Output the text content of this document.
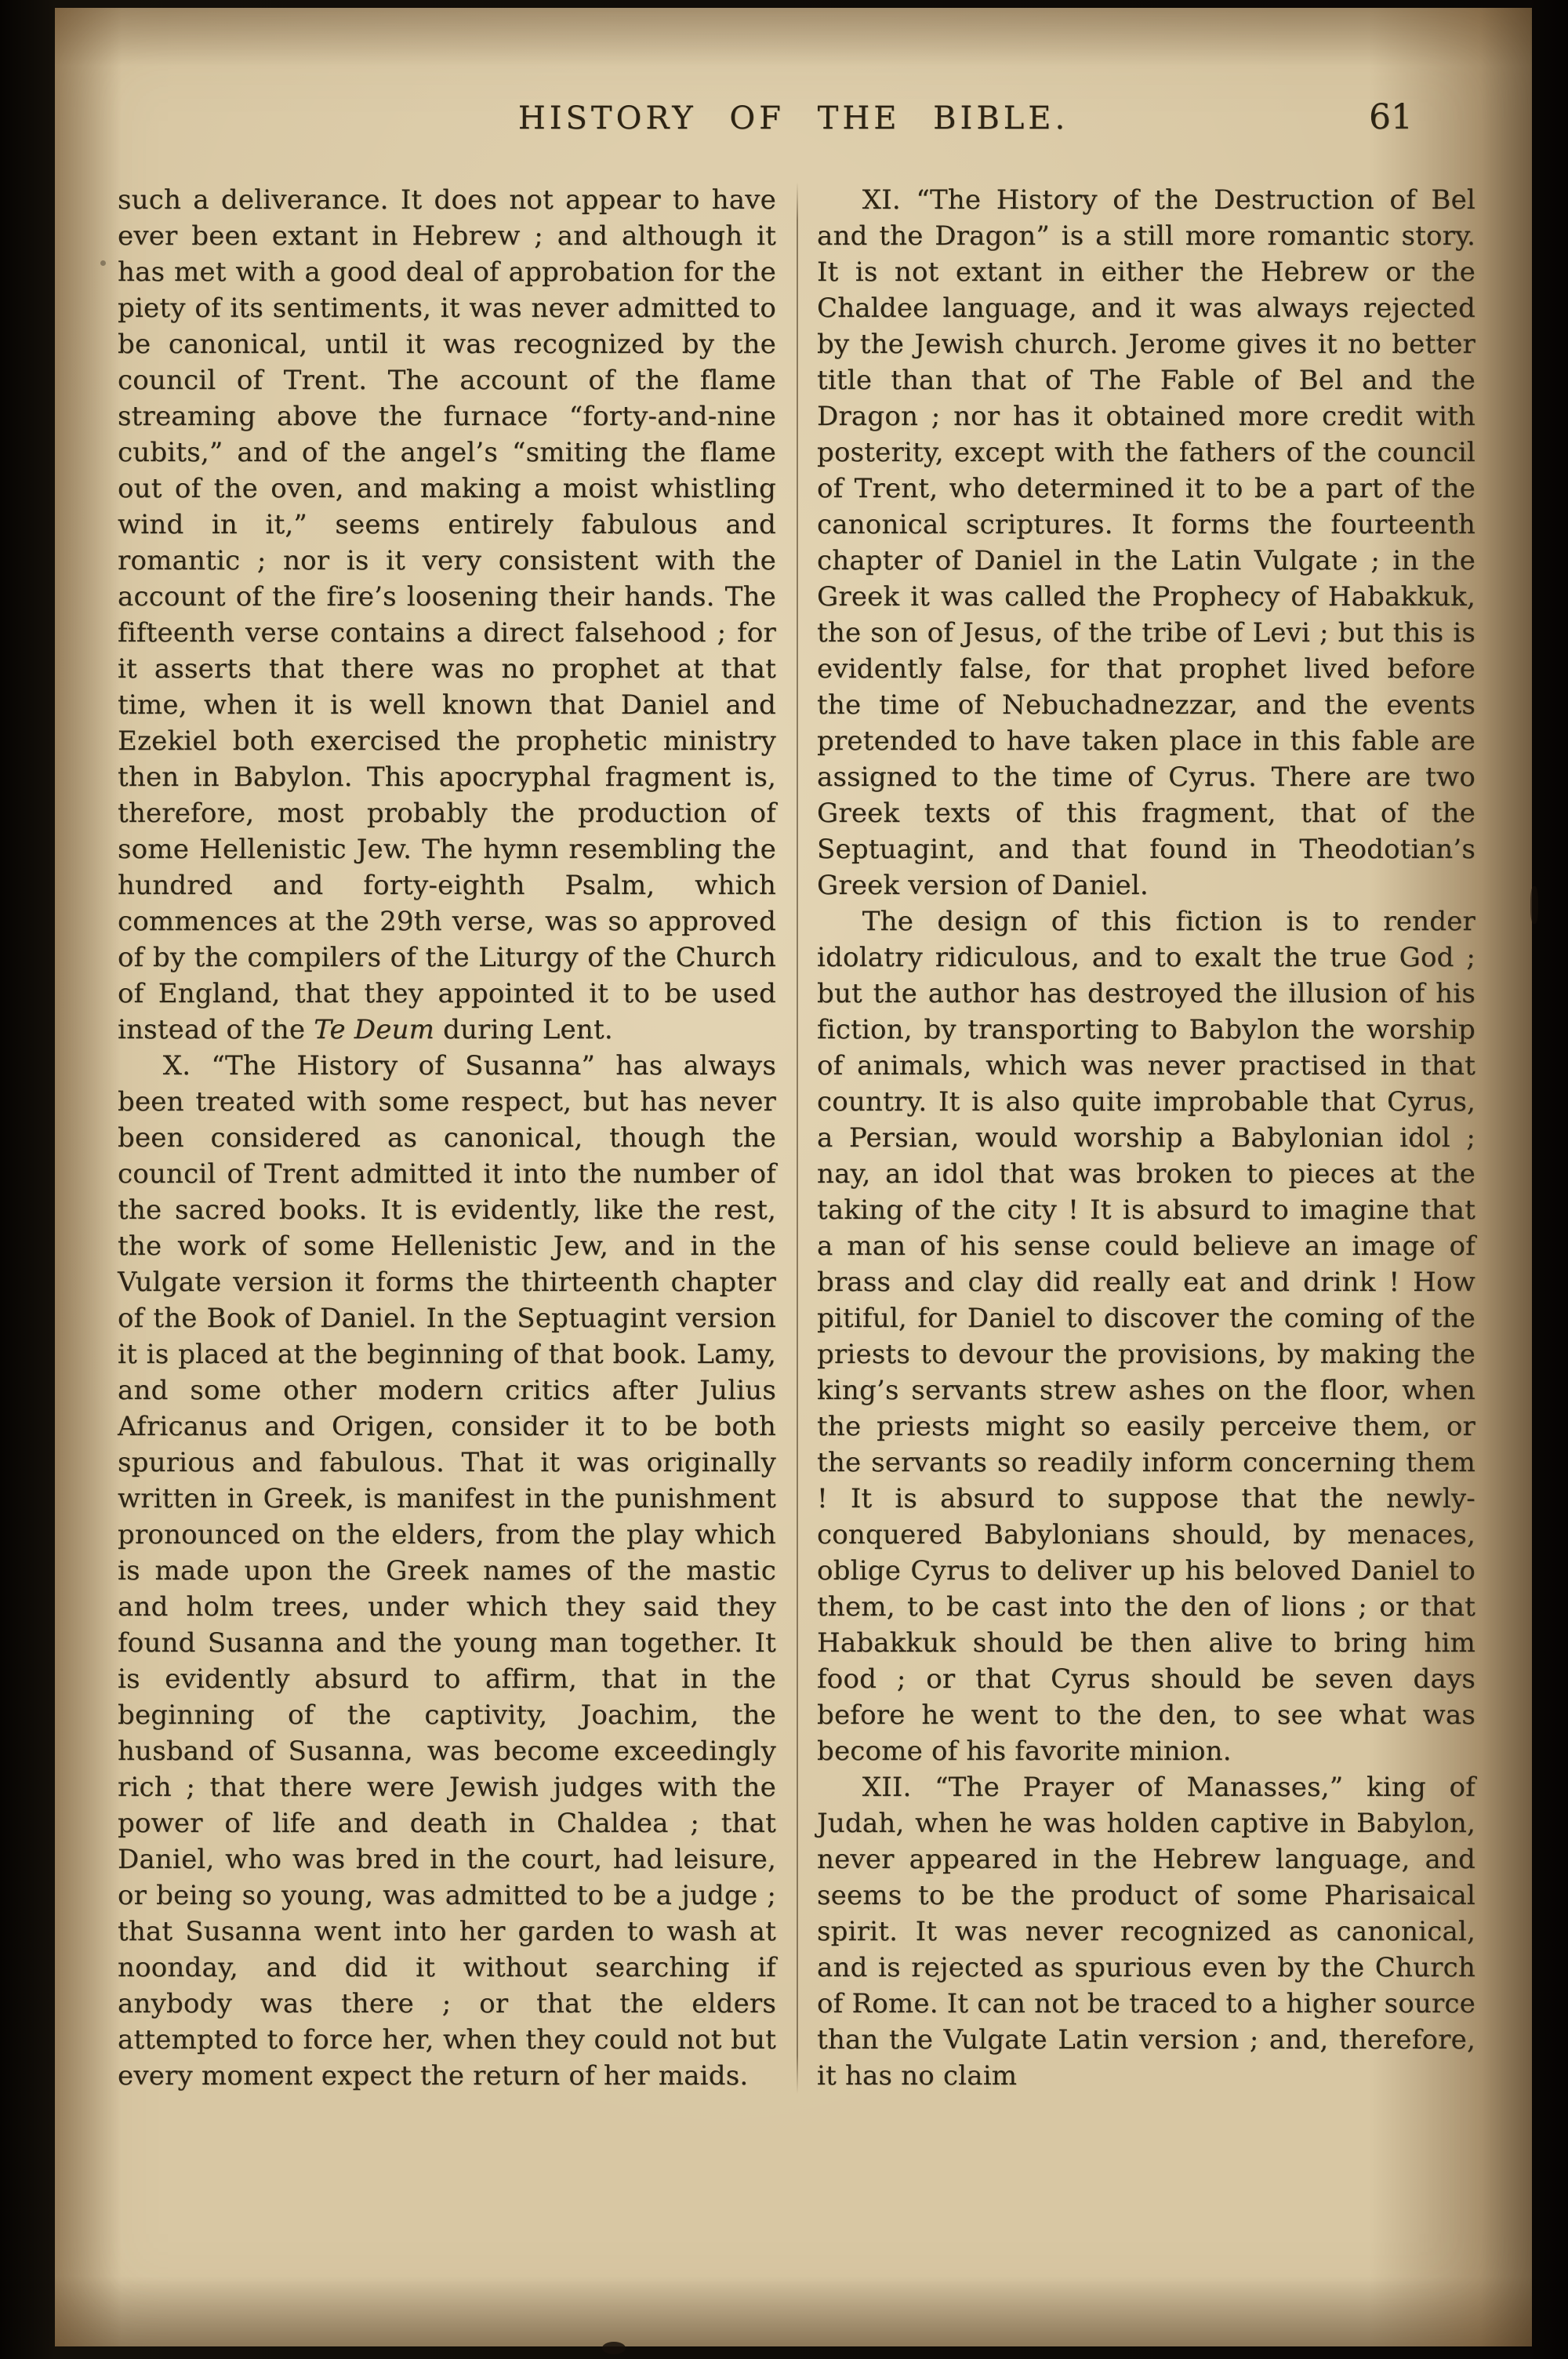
HISTORY OF THE BIBLE.	61

such a deliverance. It does not appear to have ever been extant in Hebrew ; and although it has met with a good deal of approbation for the piety of its sentiments, it was never admitted to be canonical, until it was recognized by the council of Trent. The account of the flame streaming above the furnace “forty-and-nine cubits,” and of the angel’s “smiting the flame out of the oven, and making a moist whistling wind in it,” seems entirely fabulous and romantic ; nor is it very consistent with the account of the fire’s loosening their hands. The fifteenth verse contains a direct falsehood ; for it asserts that there was no prophet at that time, when it is well known that Daniel and Ezekiel both exercised the prophetic ministry then in Babylon. This apocryphal fragment is, therefore, most probably the production of some Hellenistic Jew. The hymn resembling the hundred and forty-eighth Psalm, which commences at the 29th verse, was so approved of by the compilers of the Liturgy of the Church of England, that they appointed it to be used instead of the Te Deum during Lent.

X. “The History of Susanna” has always been treated with some respect, but has never been considered as canonical, though the council of Trent admitted it into the number of the sacred books. It is evidently, like the rest, the work of some Hellenistic Jew, and in the Vulgate version it forms the thirteenth chapter of the Book of Daniel. In the Septuagint version it is placed at the beginning of that book. Lamy, and some other modern critics after Julius Africanus and Origen, consider it to be both spurious and fabulous. That it was originally written in Greek, is manifest in the punishment pronounced on the elders, from the play which is made upon the Greek names of the mastic and holm trees, under which they said they found Susanna and the young man together. It is evidently absurd to affirm, that in the beginning of the captivity, Joachim, the husband of Susanna, was become exceedingly rich ; that there were Jewish judges with the power of life and death in Chaldea ; that Daniel, who was bred in the court, had leisure, or being so young, was admitted to be a judge ; that Susanna went into her garden to wash at noonday, and did it without searching if anybody was there ; or that the elders attempted to force her, when they could not but every moment expect the return of her maids.

XI. “The History of the Destruction of Bel and the Dragon” is a still more romantic story. It is not extant in either the Hebrew or the Chaldee language, and it was always rejected by the Jewish church. Jerome gives it no better title than that of The Fable of Bel and the Dragon ; nor has it obtained more credit with posterity, except with the fathers of the council of Trent, who determined it to be a part of the canonical scriptures. It forms the fourteenth chapter of Daniel in the Latin Vulgate ; in the Greek it was called the Prophecy of Habakkuk, the son of Jesus, of the tribe of Levi ; but this is evidently false, for that prophet lived before the time of Nebuchadnezzar, and the events pretended to have taken place in this fable are assigned to the time of Cyrus. There are two Greek texts of this fragment, that of the Septuagint, and that found in Theodotian’s Greek version of Daniel.

The design of this fiction is to render idolatry ridiculous, and to exalt the true God ; but the author has destroyed the illusion of his fiction, by transporting to Babylon the worship of animals, which was never practised in that country. It is also quite improbable that Cyrus, a Persian, would worship a Babylonian idol ; nay, an idol that was broken to pieces at the taking of the city ! It is absurd to imagine that a man of his sense could believe an image of brass and clay did really eat and drink ! How pitiful, for Daniel to discover the coming of the priests to devour the provisions, by making the king’s servants strew ashes on the floor, when the priests might so easily perceive them, or the servants so readily inform concerning them ! It is absurd to suppose that the newly-conquered Babylonians should, by menaces, oblige Cyrus to deliver up his beloved Daniel to them, to be cast into the den of lions ; or that Habakkuk should be then alive to bring him food ; or that Cyrus should be seven days before he went to the den, to see what was become of his favorite minion.

XII. “The Prayer of Manasses,” king of Judah, when he was holden captive in Babylon, never appeared in the Hebrew language, and seems to be the product of some Pharisaical spirit. It was never recognized as canonical, and is rejected as spurious even by the Church of Rome. It can not be traced to a higher source than the Vulgate Latin version ; and, therefore, it has no claim
